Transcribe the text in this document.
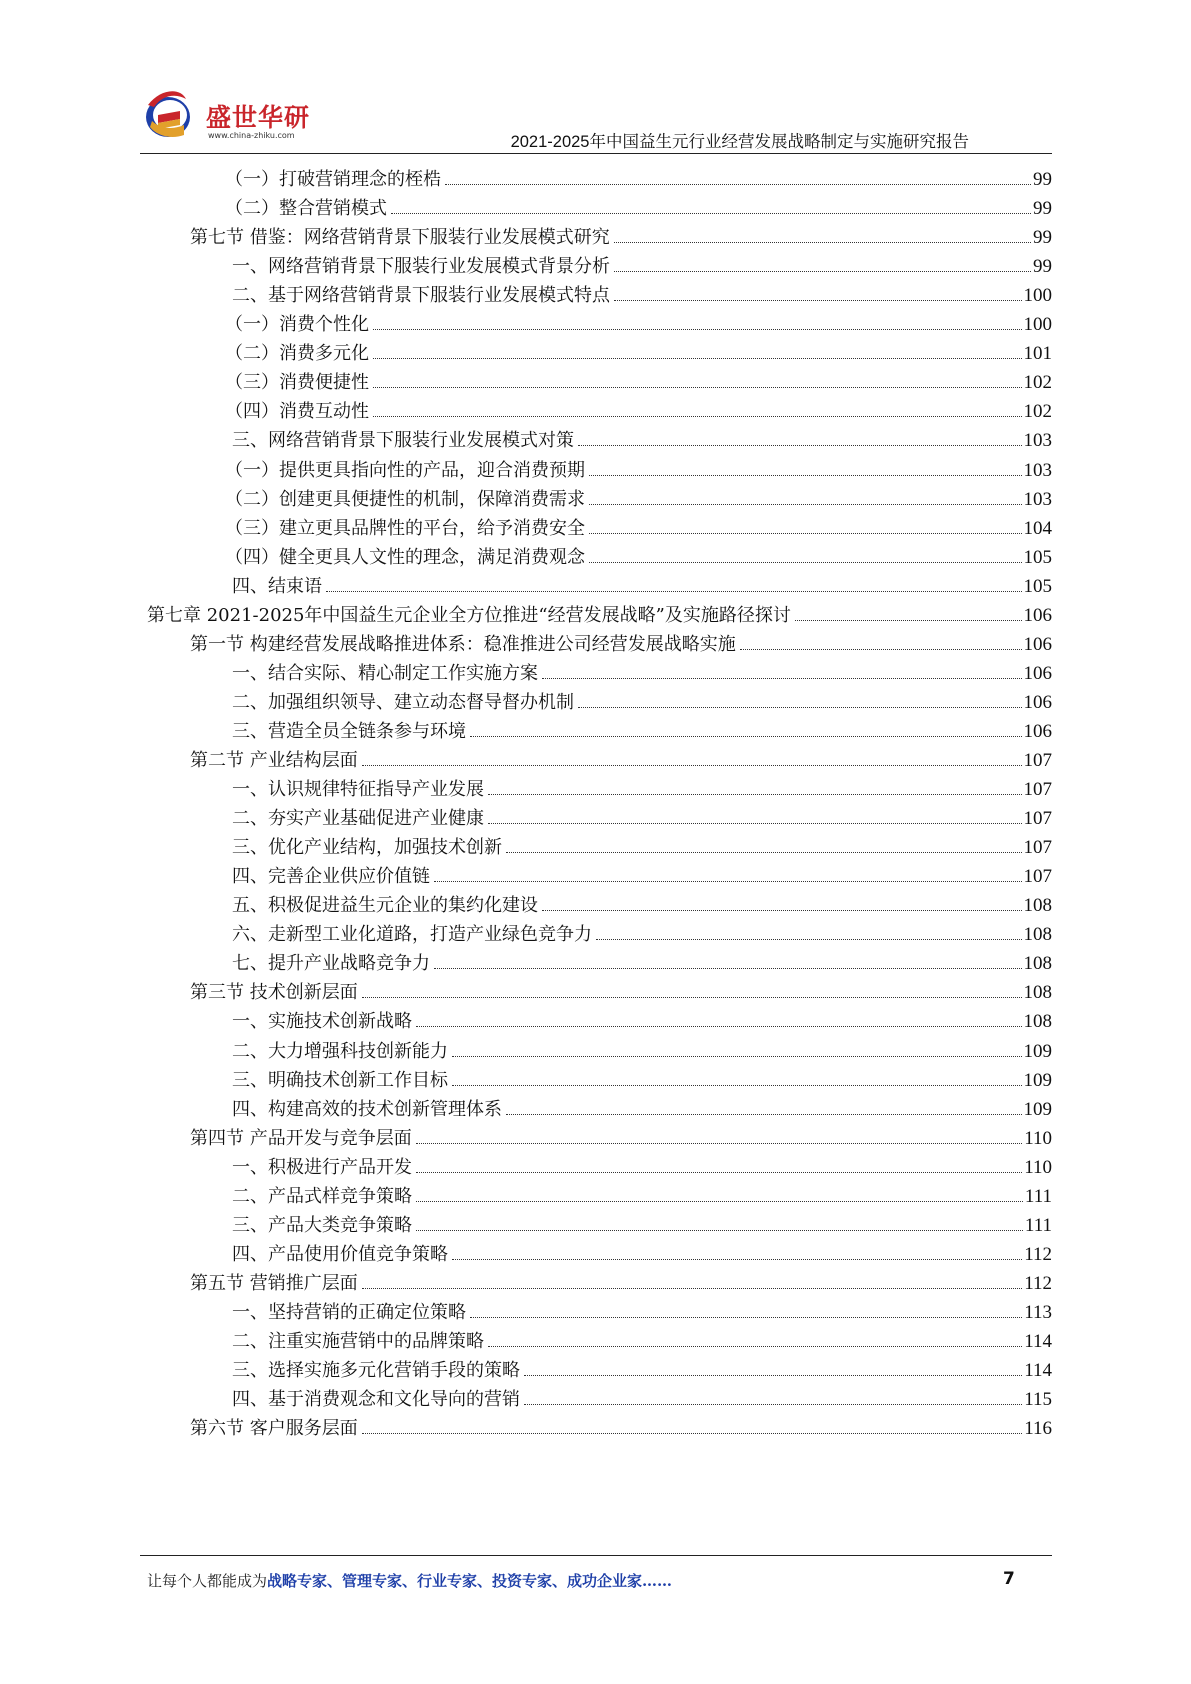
盛世华研
www.china-zhiku.com	2021-2025年中国益生元行业经营发展战略制定与实施研究报告
（一）打破营销理念的桎梏	99
（二）整合营销模式	99
第七节 借鉴：网络营销背景下服装行业发展模式研究	99
一、网络营销背景下服装行业发展模式背景分析	99
二、基于网络营销背景下服装行业发展模式特点	100
（一）消费个性化	100
（二）消费多元化	101
（三）消费便捷性	102
（四）消费互动性	102
三、网络营销背景下服装行业发展模式对策	103
（一）提供更具指向性的产品，迎合消费预期	103
（二）创建更具便捷性的机制，保障消费需求	103
（三）建立更具品牌性的平台，给予消费安全	104
（四）健全更具人文性的理念，满足消费观念	105
四、结束语	105
第七章 2021-2025年中国益生元企业全方位推进“经营发展战略”及实施路径探讨	106
第一节 构建经营发展战略推进体系：稳准推进公司经营发展战略实施	106
一、结合实际、精心制定工作实施方案	106
二、加强组织领导、建立动态督导督办机制	106
三、营造全员全链条参与环境	106
第二节 产业结构层面	107
一、认识规律特征指导产业发展	107
二、夯实产业基础促进产业健康	107
三、优化产业结构，加强技术创新	107
四、完善企业供应价值链	107
五、积极促进益生元企业的集约化建设	108
六、走新型工业化道路，打造产业绿色竞争力	108
七、提升产业战略竞争力	108
第三节 技术创新层面	108
一、实施技术创新战略	108
二、大力增强科技创新能力	109
三、明确技术创新工作目标	109
四、构建高效的技术创新管理体系	109
第四节 产品开发与竞争层面	110
一、积极进行产品开发	110
二、产品式样竞争策略	111
三、产品大类竞争策略	111
四、产品使用价值竞争策略	112
第五节 营销推广层面	112
一、坚持营销的正确定位策略	113
二、注重实施营销中的品牌策略	114
三、选择实施多元化营销手段的策略	114
四、基于消费观念和文化导向的营销	115
第六节 客户服务层面	116
让每个人都能成为战略专家、管理专家、行业专家、投资专家、成功企业家……	7
